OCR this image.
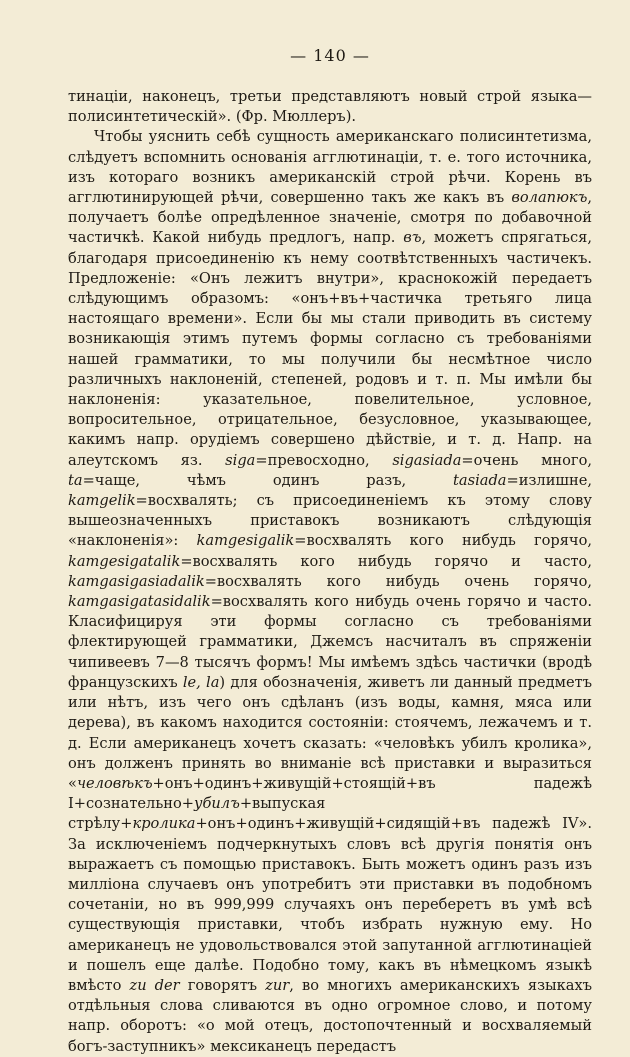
— 140 —

тинаціи, наконецъ, третьи представляютъ новый строй языка—полисинтетическій». (Фр. Мюллеръ).

Чтобы уяснить себѣ сущность американскаго полисинтетизма, слѣдуетъ вспомнить основанія агглютинаціи, т. е. того источника, изъ котораго возникъ американскій строй рѣчи. Корень въ агглютинирующей рѣчи, совершенно такъ же какъ въ волапюкъ, получаетъ болѣе опредѣленное значеніе, смотря по добавочной частичкѣ. Какой нибудь предлогъ, напр. въ, можетъ спрягаться, благодаря присоединенію къ нему соотвѣтственныхъ частичекъ. Предложеніе: «Онъ лежитъ внутри», краснокожій передаетъ слѣдующимъ образомъ: «онъ+въ+частичка третьяго лица настоящаго времени». Если бы мы стали приводить въ систему возникающія этимъ путемъ формы согласно съ требованіями нашей грамматики, то мы получили бы несмѣтное число различныхъ наклоненій, степеней, родовъ и т. п. Мы имѣли бы наклоненія: указательное, повелительное, условное, вопросительное, отрицательное, безусловное, указывающее, какимъ напр. орудіемъ совершено дѣйствіе, и т. д. Напр. на алеутскомъ яз. siga=превосходно, sigasiada=очень много, ta=чаще, чѣмъ одинъ разъ, tasiada=излишне, kamgelik=восхвалять; съ присоединеніемъ къ этому слову вышеозначенныхъ приставокъ возникаютъ слѣдующія «наклоненія»: kamgesigalik=восхвалять кого нибудь горячо, kamgesigatalik=восхвалять кого нибудь горячо и часто, kamgasigasiadalik=восхвалять кого нибудь очень горячо, kamgasigatasidalik=восхвалять кого нибудь очень горячо и часто. Класифицируя эти формы согласно съ требованіями флектирующей грамматики, Джемсъ насчиталъ въ спряженіи чипивеевъ 7—8 тысячъ формъ! Мы имѣемъ здѣсь частички (вродѣ французскихъ le, la) для обозначенія, живетъ ли данный предметъ или нѣтъ, изъ чего онъ сдѣланъ (изъ воды, камня, мяса или дерева), въ какомъ находится состояніи: стоячемъ, лежачемъ и т. д. Если американецъ хочетъ сказать: «человѣкъ убилъ кролика», онъ долженъ принять во вниманіе всѣ приставки и выразиться «человѣкъ+онъ+одинъ+живущій+стоящій+въ падежѣ I+сознательно+убилъ+выпуская стрѣлу+кролика+онъ+одинъ+живущій+сидящій+въ падежѣ IV». За исключеніемъ подчеркнутыхъ словъ всѣ другія понятія онъ выражаетъ съ помощью приставокъ. Быть можетъ одинъ разъ изъ милліона случаевъ онъ употребитъ эти приставки въ подобномъ сочетаніи, но въ 999,999 случаяхъ онъ переберетъ въ умѣ всѣ существующія приставки, чтобъ избрать нужную ему. Но американецъ не удовольствовался этой запутанной агглютинаціей и пошелъ еще далѣе. Подобно тому, какъ въ нѣмецкомъ языкѣ вмѣсто zu der говорятъ zur, во многихъ американскихъ языкахъ отдѣльныя слова сливаются въ одно огромное слово, и потому напр. оборотъ: «о мой отецъ, достопочтенный и восхваляемый богъ-заступникъ» мексиканецъ передастъ
